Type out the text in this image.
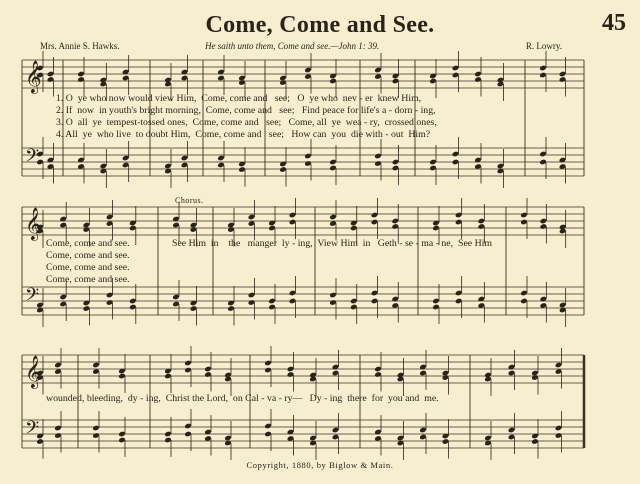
Come, Come and See.	45
Mrs. Annie S. Hawks.	He saith unto them, Come and see.—John 1: 39.	R. Lowry.
𝄞
𝄢
𝄞
𝄢
𝄞
𝄢
1. O  ye who now would view Him,  Come, come and   see;   O  ye who  nev - er  knew Him,
2. If  now  in youth's bright morning,  Come, come and   see;   Find peace for life's a - dorn - ing,
3. O  all  ye  tempest-tossed ones,  Come, come and   see;   Come, all  ye  wea - ry,  crossed ones,
4. All  ye  who live  to doubt Him,  Come, come and   see;   How can  you  die with - out  Him?
Chorus.
Come, come and see.
Come, come and see.
Come, come and see.
Come, come and see.
See Him  in    the   manger  ly - ing,  View Him  in   Geth - se - ma - ne,  See Him
wounded, bleeding,  dy - ing,  Christ the Lord,  on Cal - va - ry—   Dy - ing  there  for  you and  me.
Copyright, 1880, by Biglow & Main.
